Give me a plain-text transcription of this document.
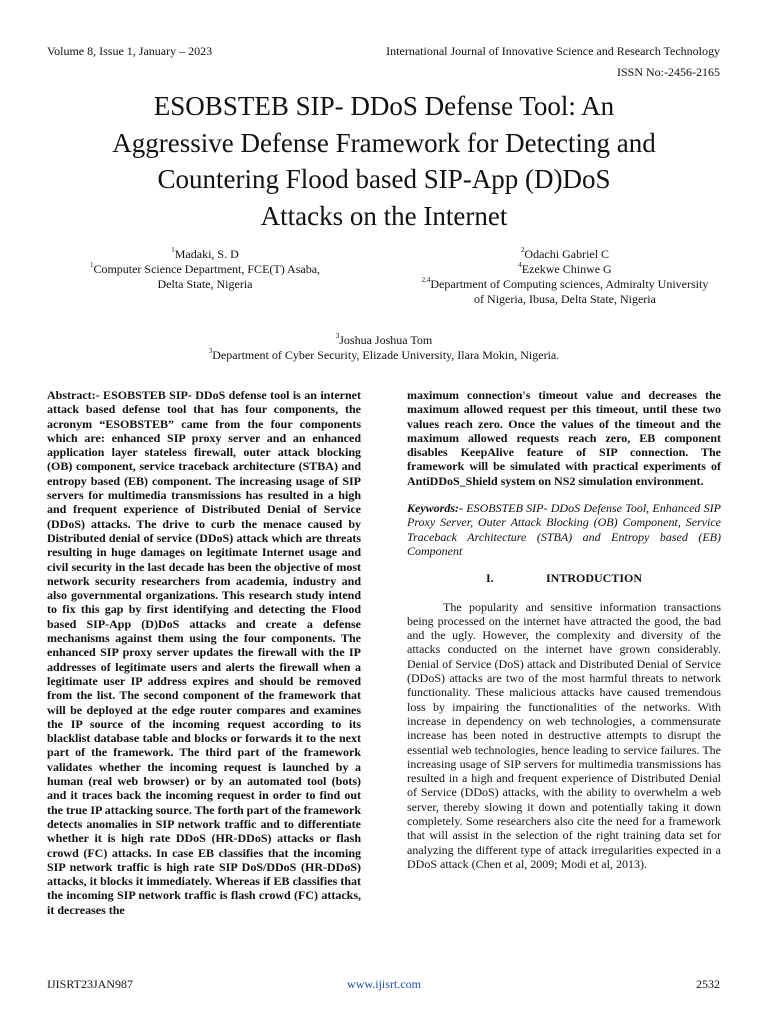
Volume 8, Issue 1, January – 2023	International Journal of Innovative Science and Research Technology
ISSN No:-2456-2165
ESOBSTEB SIP- DDoS Defense Tool: An
Aggressive Defense Framework for Detecting and
Countering Flood based SIP-App (D)DoS
Attacks on the Internet
$^1$Madaki, S. D
$^1$Computer Science Department, FCE(T) Asaba,
Delta State, Nigeria
$^2$Odachi Gabriel C
$^4$Ezekwe Chinwe G
$^{2,4}$Department of Computing sciences, Admiralty University
of Nigeria, Ibusa, Delta State, Nigeria
$^3$Joshua Joshua Tom
$^3$Department of Cyber Security, Elizade University, Ilara Mokin, Nigeria.

Abstract:- ESOBSTEB SIP- DDoS defense tool is an internet attack based defense tool that has four components, the acronym “ESOBSTEB” came from the four components which are: enhanced SIP proxy server and an enhanced application layer stateless firewall, outer attack blocking (OB) component, service traceback architecture (STBA) and entropy based (EB) component. The increasing usage of SIP servers for multimedia transmissions has resulted in a high and frequent experience of Distributed Denial of Service (DDoS) attacks. The drive to curb the menace caused by Distributed denial of service (DDoS) attack which are threats resulting in huge damages on legitimate Internet usage and civil security in the last decade has been the objective of most network security researchers from academia, industry and also governmental organizations. This research study intend to fix this gap by first identifying and detecting the Flood based SIP-App (D)DoS attacks and create a defense mechanisms against them using the four components. The enhanced SIP proxy server updates the firewall with the IP addresses of legitimate users and alerts the firewall when a legitimate user IP address expires and should be removed from the list. The second component of the framework that will be deployed at the edge router compares and examines the IP source of the incoming request according to its blacklist database table and blocks or forwards it to the next part of the framework. The third part of the framework validates whether the incoming request is launched by a human (real web browser) or by an automated tool (bots) and it traces back the incoming request in order to find out the true IP attacking source. The forth part of the framework detects anomalies in SIP network traffic and to differentiate whether it is high rate DDoS (HR-DDoS) attacks or flash crowd (FC) attacks. In case EB classifies that the incoming SIP network traffic is high rate SIP DoS/DDoS (HR-DDoS) attacks, it blocks it immediately. Whereas if EB classifies that the incoming SIP network traffic is flash crowd (FC) attacks, it decreases the

maximum connection's timeout value and decreases the maximum allowed request per this timeout, until these two values reach zero. Once the values of the timeout and the maximum allowed requests reach zero, EB component disables KeepAlive feature of SIP connection. The framework will be simulated with practical experiments of AntiDDoS_Shield system on NS2 simulation environment.

Keywords:- ESOBSTEB SIP- DDoS Defense Tool, Enhanced SIP Proxy Server, Outer Attack Blocking (OB) Component, Service Traceback Architecture (STBA) and Entropy based (EB) Component

I.	INTRODUCTION

The popularity and sensitive information transactions being processed on the internet have attracted the good, the bad and the ugly. However, the complexity and diversity of the attacks conducted on the internet have grown considerably. Denial of Service (DoS) attack and Distributed Denial of Service (DDoS) attacks are two of the most harmful threats to network functionality. These malicious attacks have caused tremendous loss by impairing the functionalities of the networks. With increase in dependency on web technologies, a commensurate increase has been noted in destructive attempts to disrupt the essential web technologies, hence leading to service failures. The increasing usage of SIP servers for multimedia transmissions has resulted in a high and frequent experience of Distributed Denial of Service (DDoS) attacks, with the ability to overwhelm a web server, thereby slowing it down and potentially taking it down completely. Some researchers also cite the need for a framework that will assist in the selection of the right training data set for analyzing the different type of attack irregularities expected in a DDoS attack (Chen et al, 2009; Modi et al, 2013).

IJISRT23JAN987	www.ijisrt.com	2532
